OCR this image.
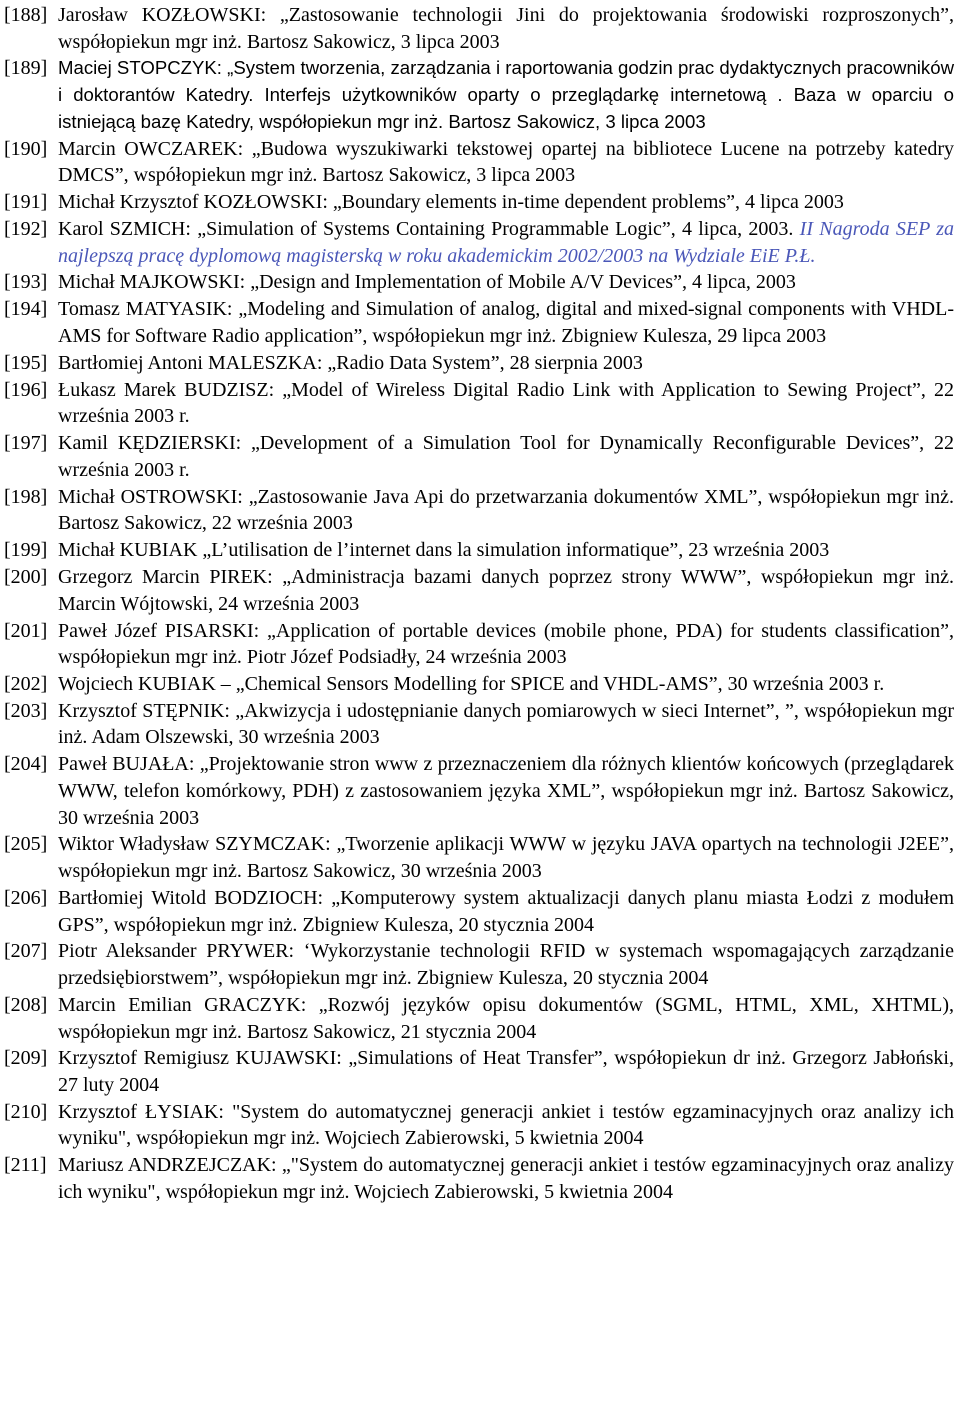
[188] Jarosław KOZŁOWSKI: „Zastosowanie technologii Jini do projektowania środowiski rozproszonych”, współopiekun mgr inż. Bartosz Sakowicz, 3 lipca 2003
[189] Maciej STOPCZYK: „System tworzenia, zarządzania i raportowania godzin prac dydaktycznych pracowników i doktorantów Katedry. Interfejs użytkowników oparty o przeglądarkę internetową . Baza w oparciu o istniejącą bazę Katedry, współopiekun mgr inż. Bartosz Sakowicz, 3 lipca 2003
[190] Marcin OWCZAREK: „Budowa wyszukiwarki tekstowej opartej na bibliotece Lucene na potrzeby katedry DMCS”, współopiekun mgr inż. Bartosz Sakowicz, 3 lipca 2003
[191] Michał Krzysztof KOZŁOWSKI: „Boundary elements in-time dependent problems”, 4 lipca 2003
[192] Karol SZMICH: „Simulation of Systems Containing Programmable Logic”, 4 lipca, 2003. II Nagroda SEP za najlepszą pracę dyplomową magisterską w roku akademickim 2002/2003 na Wydziale EiE P.Ł.
[193] Michał MAJKOWSKI: „Design and Implementation of Mobile A/V Devices”, 4 lipca, 2003
[194] Tomasz MATYASIK: „Modeling and Simulation of analog, digital and mixed-signal components with VHDL-AMS for Software Radio application”, współopiekun mgr inż. Zbigniew Kulesza, 29 lipca 2003
[195] Bartłomiej Antoni MALESZKA: „Radio Data System”, 28 sierpnia 2003
[196] Łukasz Marek BUDZISZ: „Model of Wireless Digital Radio Link with Application to Sewing Project”, 22 września 2003 r.
[197] Kamil KĘDZIERSKI: „Development of a Simulation Tool for Dynamically Reconfigurable Devices”, 22 września 2003 r.
[198] Michał OSTROWSKI: „Zastosowanie Java Api do przetwarzania dokumentów XML”, współopiekun mgr inż. Bartosz Sakowicz, 22 września 2003
[199] Michał KUBIAK „L’utilisation de l’internet dans la simulation informatique”, 23 września 2003
[200] Grzegorz Marcin PIREK: „Administracja bazami danych poprzez strony WWW”, współopiekun mgr inż. Marcin Wójtowski, 24 września 2003
[201] Paweł Józef PISARSKI: „Application of portable devices (mobile phone, PDA) for students classification”, współopiekun mgr inż. Piotr Józef Podsiadły, 24 września 2003
[202] Wojciech KUBIAK – „Chemical Sensors Modelling for SPICE and VHDL-AMS”, 30 września 2003 r.
[203] Krzysztof STĘPNIK: „Akwizycja i udostępnianie danych pomiarowych w sieci Internet”, ”, współopiekun mgr inż. Adam Olszewski, 30 września 2003
[204] Paweł BUJAŁA: „Projektowanie stron www z przeznaczeniem dla różnych klientów końcowych (przeglądarek WWW, telefon komórkowy, PDH) z zastosowaniem języka XML”, współopiekun mgr inż. Bartosz Sakowicz, 30 września 2003
[205] Wiktor Władysław SZYMCZAK: „Tworzenie aplikacji WWW w języku JAVA opartych na technologii J2EE”, współopiekun mgr inż. Bartosz Sakowicz, 30 września 2003
[206] Bartłomiej Witold BODZIOCH: „Komputerowy system aktualizacji danych planu miasta Łodzi z modułem GPS”, współopiekun mgr inż. Zbigniew Kulesza, 20 stycznia 2004
[207] Piotr Aleksander PRYWER: ‘Wykorzystanie technologii RFID w systemach wspomagających zarządzanie przedsiębiorstwem”, współopiekun mgr inż. Zbigniew Kulesza, 20 stycznia 2004
[208] Marcin Emilian GRACZYK: „Rozwój języków opisu dokumentów (SGML, HTML, XML, XHTML), współopiekun mgr inż. Bartosz Sakowicz, 21 stycznia 2004
[209] Krzysztof Remigiusz KUJAWSKI: „Simulations of Heat Transfer”, współopiekun dr inż. Grzegorz Jabłoński, 27 luty 2004
[210] Krzysztof ŁYSIAK: "System do automatycznej generacji ankiet i testów egzaminacyjnych oraz analizy ich wyniku", współopiekun mgr inż. Wojciech Zabierowski, 5 kwietnia 2004
[211] Mariusz ANDRZEJCZAK: „"System do automatycznej generacji ankiet i testów egzaminacyjnych oraz analizy ich wyniku", współopiekun mgr inż. Wojciech Zabierowski, 5 kwietnia 2004
